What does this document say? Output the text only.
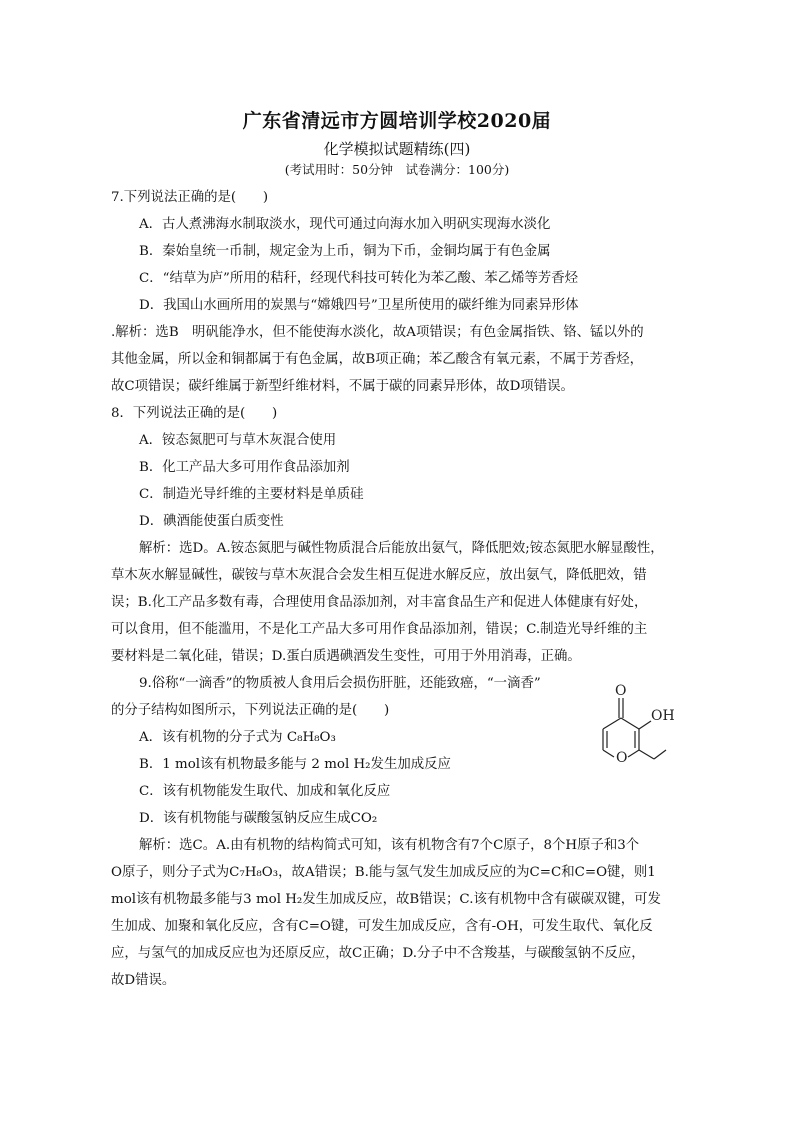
广东省清远市方圆培训学校2020届
化学模拟试题精练(四)
(考试用时：50分钟　试卷满分：100分)
7.下列说法正确的是(　　)
A．古人煮沸海水制取淡水，现代可通过向海水加入明矾实现海水淡化
B．秦始皇统一币制，规定金为上币，铜为下币，金铜均属于有色金属
C．“结草为庐”所用的秸秆，经现代科技可转化为苯乙酸、苯乙烯等芳香烃
D．我国山水画所用的炭黑与“嫦娥四号”卫星所使用的碳纤维为同素异形体
.解析：选B　明矾能净水，但不能使海水淡化，故A项错误；有色金属指铁、铬、锰以外的
其他金属，所以金和铜都属于有色金属，故B项正确；苯乙酸含有氧元素，不属于芳香烃，
故C项错误；碳纤维属于新型纤维材料，不属于碳的同素异形体，故D项错误。
8．下列说法正确的是(　　)
A．铵态氮肥可与草木灰混合使用
B．化工产品大多可用作食品添加剂
C．制造光导纤维的主要材料是单质硅
D．碘酒能使蛋白质变性
解析：选D。A.铵态氮肥与碱性物质混合后能放出氨气，降低肥效;铵态氮肥水解显酸性，
草木灰水解显碱性，碳铵与草木灰混合会发生相互促进水解反应，放出氨气，降低肥效，错
误；B.化工产品多数有毒，合理使用食品添加剂，对丰富食品生产和促进人体健康有好处，
可以食用，但不能滥用，不是化工产品大多可用作食品添加剂，错误；C.制造光导纤维的主
要材料是二氧化硅，错误；D.蛋白质遇碘酒发生变性，可用于外用消毒，正确。
9.俗称“一滴香”的物质被人食用后会损伤肝脏，还能致癌，“一滴香”
的分子结构如图所示，下列说法正确的是(　　)
A．该有机物的分子式为 C₈H₈O₃
B．1 mol该有机物最多能与 2 mol H₂发生加成反应
C．该有机物能发生取代、加成和氧化反应
D．该有机物能与碳酸氢钠反应生成CO₂
解析：选C。A.由有机物的结构简式可知，该有机物含有7个C原子，8个H原子和3个
O原子，则分子式为C₇H₈O₃，故A错误；B.能与氢气发生加成反应的为C=C和C=O键，则1
mol该有机物最多能与3 mol H₂发生加成反应，故B错误；C.该有机物中含有碳碳双键，可发
生加成、加聚和氧化反应，含有C=O键，可发生加成反应，含有-OH，可发生取代、氧化反
应，与氢气的加成反应也为还原反应，故C正确；D.分子中不含羧基，与碳酸氢钠不反应，
故D错误。
O
OH
O
